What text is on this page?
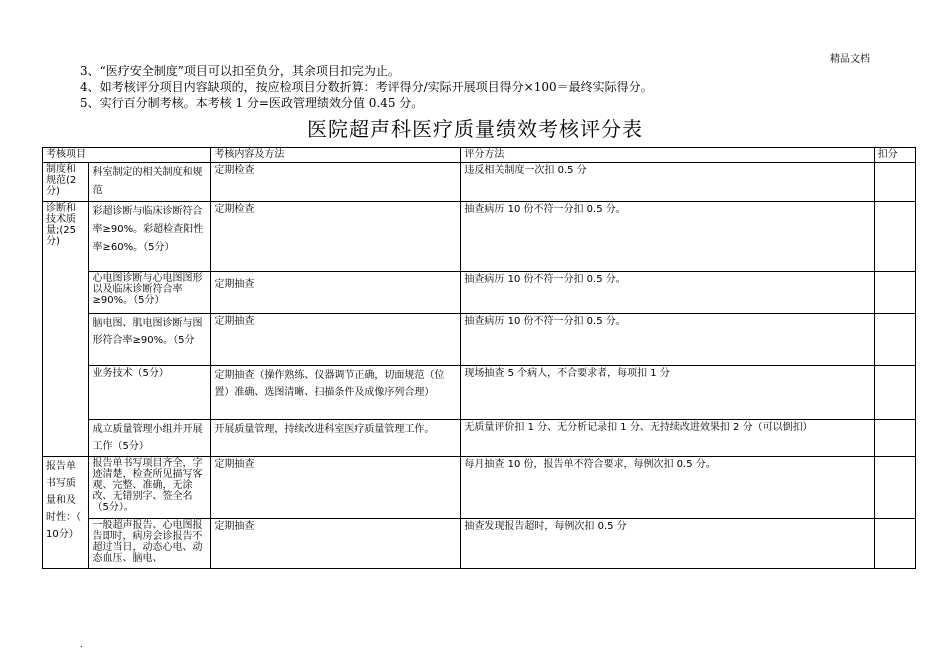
精品文档
3、“医疗安全制度”项目可以扣至负分，其余项目扣完为止。
4、如考核评分项目内容缺项的，按应检项目分数折算：考评得分/实际开展项目得分×100＝最终实际得分。
5、实行百分制考核。本考核 1 分=医政管理绩效分值 0.45 分。
医院超声科医疗质量绩效考核评分表
考核项目		考核内容及方法	评分方法	扣分
制度和规范(2分)	科室制定的相关制度和规范	定期检查	违反相关制度一次扣 0.5 分	
诊断和技术质量;(25分)	彩超诊断与临床诊断符合率≥90%。彩超检查阳性率≥60%。（5分）	定期检查	抽查病历 10 份不符一分扣 0.5 分。	
	心电图诊断与心电图图形以及临床诊断符合率≥90%。（5分）	定期抽查	抽查病历 10 份不符一分扣 0.5 分。	
	脑电图、肌电图诊断与图形符合率≥90%。（5分	定期抽查	抽查病历 10 份不符一分扣 0.5 分。	
	业务技术（5分）	定期抽查（操作熟练、仪器调节正确，切面规范（位置）准确、选图清晰、扫描条件及成像序列合理）	现场抽查 5 个病人，不合要求者，每项扣 1 分	
	成立质量管理小组并开展工作（5分）	开展质量管理，持续改进科室医疗质量管理工作。	无质量评价扣 1 分、无分析记录扣 1 分、无持续改进效果扣 2 分（可以倒扣）	
报告单书写质量和及时性：（ 10分）	报告单书写项目齐全，字迹清楚，检查所见描写客观、完整、准确，无涂改、无错别字、签全名（5分）。	定期抽查	每月抽查 10 份，报告单不符合要求，每例次扣 0.5 分。	
	一般超声报告、心电图报告即时，病房会诊报告不超过当日，动态心电、动态血压、脑电、	定期抽查	抽查发现报告超时，每例次扣 0.5 分	
.
